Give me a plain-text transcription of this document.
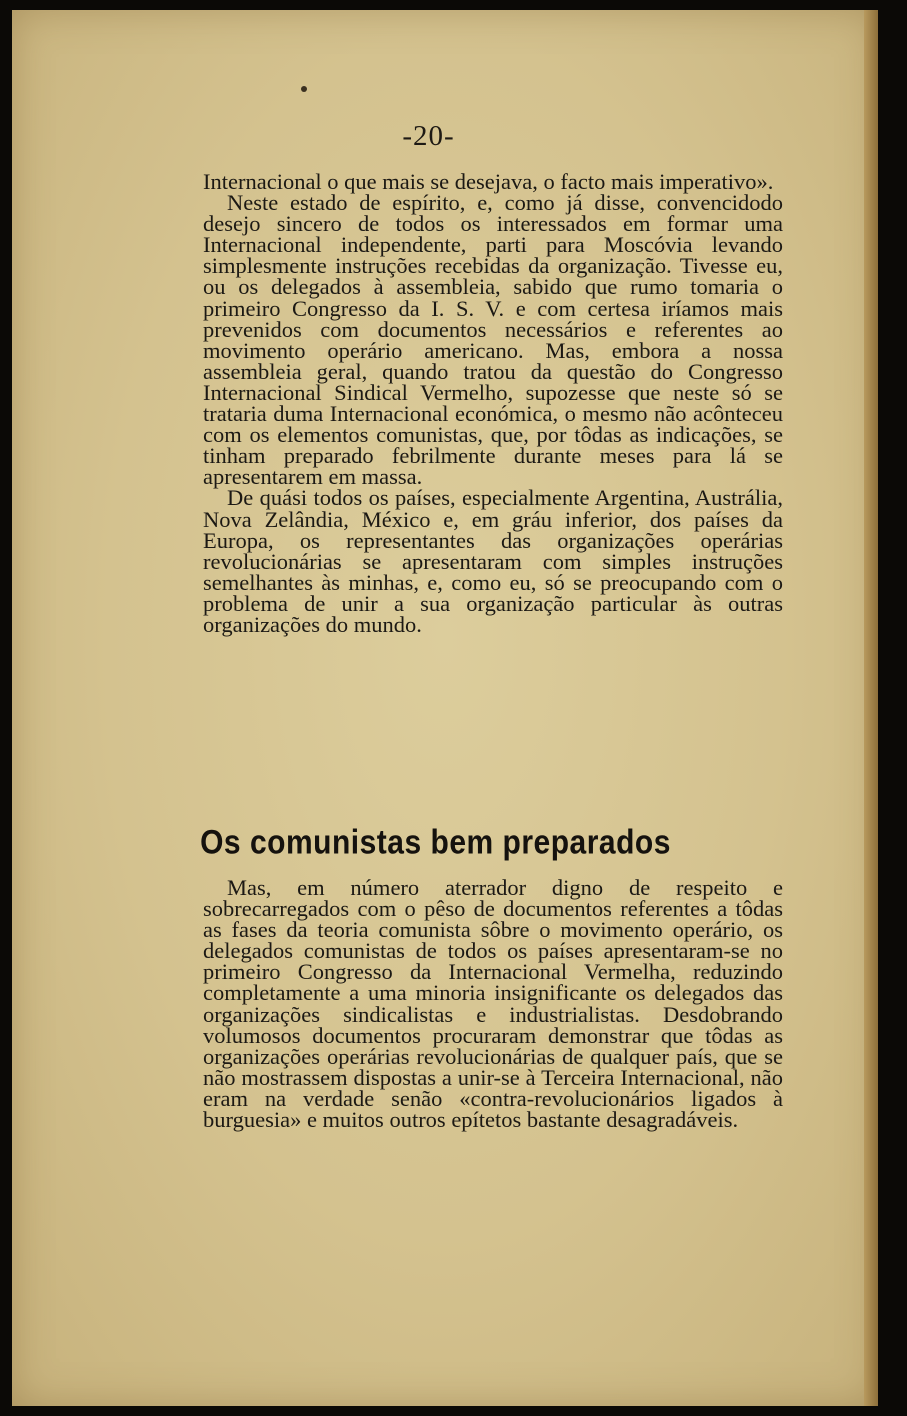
-20-

Internacional o que mais se desejava, o facto mais imperativo».

Neste estado de espírito, e, como já disse, convencidodo desejo sincero de todos os interessados em formar uma Internacional independente, parti para Moscóvia levando simplesmente instruções recebidas da organização. Tivesse eu, ou os delegados à assembleia, sabido que rumo tomaria o primeiro Congresso da I. S. V. e com certesa iríamos mais prevenidos com documentos necessários e referentes ao movimento operário americano. Mas, embora a nossa assembleia geral, quando tratou da questão do Congresso Internacional Sindical Vermelho, supozesse que neste só se trataria duma Internacional económica, o mesmo não acônteceu com os elementos comunistas, que, por tôdas as indicações, se tinham preparado febrilmente durante meses para lá se apresentarem em massa.

De quási todos os países, especialmente Argentina, Austrália, Nova Zelândia, México e, em gráu inferior, dos países da Europa, os representantes das organizações operárias revolucionárias se apresentaram com simples instruções semelhantes às minhas, e, como eu, só se preocupando com o problema de unir a sua organização particular às outras organizações do mundo.

Os comunistas bem preparados

Mas, em número aterrador digno de respeito e sobrecarregados com o pêso de documentos referentes a tôdas as fases da teoria comunista sôbre o movimento operário, os delegados comunistas de todos os países apresentaram-se no primeiro Congresso da Internacional Vermelha, reduzindo completamente a uma minoria insignificante os delegados das organizações sindicalistas e industrialistas. Desdobrando volumosos documentos procuraram demonstrar que tôdas as organizações operárias revolucionárias de qualquer país, que se não mostrassem dispostas a unir-se à Terceira Internacional, não eram na verdade senão «contra-revolucionários ligados à burguesia» e muitos outros epítetos bastante desagradáveis.
